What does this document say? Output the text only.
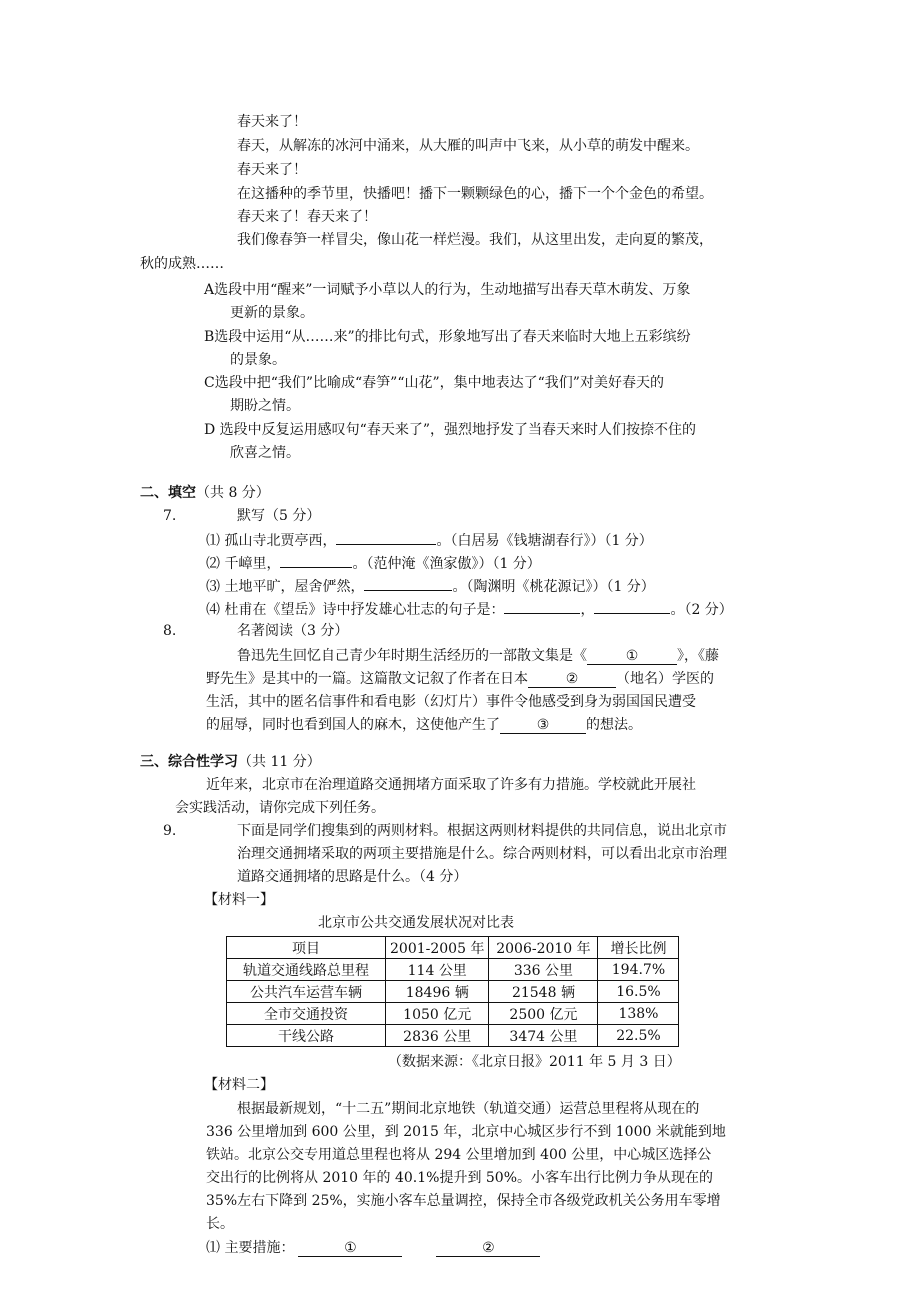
春天来了！
春天，从解冻的冰河中涌来，从大雁的叫声中飞来，从小草的萌发中醒来。
春天来了！
在这播种的季节里，快播吧！播下一颗颗绿色的心，播下一个个金色的希望。
春天来了！春天来了！
我们像春笋一样冒尖，像山花一样烂漫。我们，从这里出发，走向夏的繁茂，
秋的成熟……
A选段中用“醒来”一词赋予小草以人的行为，生动地描写出春天草木萌发、万象
更新的景象。
B选段中运用“从……来”的排比句式，形象地写出了春天来临时大地上五彩缤纷
的景象。
C选段中把“我们”比喻成“春笋”“山花”，集中地表达了“我们”对美好春天的
期盼之情。
D 选段中反复运用感叹句“春天来了”，强烈地抒发了当春天来时人们按捺不住的
欣喜之情。
二、填空（共 8 分）
7.	默写（5 分）
⑴ 孤山寺北贾亭西，	。（白居易《钱塘湖春行》）（1 分）
⑵ 千嶂里，	。（范仲淹《渔家傲》）（1 分）
⑶ 土地平旷，屋舍俨然，	。（陶渊明《桃花源记》）（1 分）
⑷ 杜甫在《望岳》诗中抒发雄心壮志的句子是：	，	。（2 分）
8.	名著阅读（3 分）
鲁迅先生回忆自己青少年时期生活经历的一部散文集是《	①	》，《藤
野先生》是其中的一篇。这篇散文记叙了作者在日本	②	（地名）学医的
生活，其中的匿名信事件和看电影（幻灯片）事件令他感受到身为弱国国民遭受
的屈辱，同时也看到国人的麻木，这使他产生了	③	的想法。
三、综合性学习（共 11 分）
近年来，北京市在治理道路交通拥堵方面采取了许多有力措施。学校就此开展社
会实践活动，请你完成下列任务。
9.	下面是同学们搜集到的两则材料。根据这两则材料提供的共同信息，说出北京市
治理交通拥堵采取的两项主要措施是什么。综合两则材料，可以看出北京市治理
道路交通拥堵的思路是什么。（4 分）
【材料一】
北京市公共交通发展状况对比表
项目	2001-2005 年	2006-2010 年	增长比例
轨道交通线路总里程	114 公里	336 公里	194.7%
公共汽车运营车辆	18496 辆	21548 辆	16.5%
全市交通投资	1050 亿元	2500 亿元	138%
干线公路	2836 公里	3474 公里	22.5%
（数据来源：《北京日报》2011 年 5 月 3 日）
【材料二】
根据最新规划，“十二五”期间北京地铁（轨道交通）运营总里程将从现在的
336 公里增加到 600 公里，到 2015 年，北京中心城区步行不到 1000 米就能到地
铁站。北京公交专用道总里程也将从 294 公里增加到 400 公里，中心城区选择公
交出行的比例将从 2010 年的 40.1%提升到 50%。小客车出行比例力争从现在的
35%左右下降到 25%，实施小客车总量调控，保持全市各级党政机关公务用车零增
长。
⑴ 主要措施：	①	②
